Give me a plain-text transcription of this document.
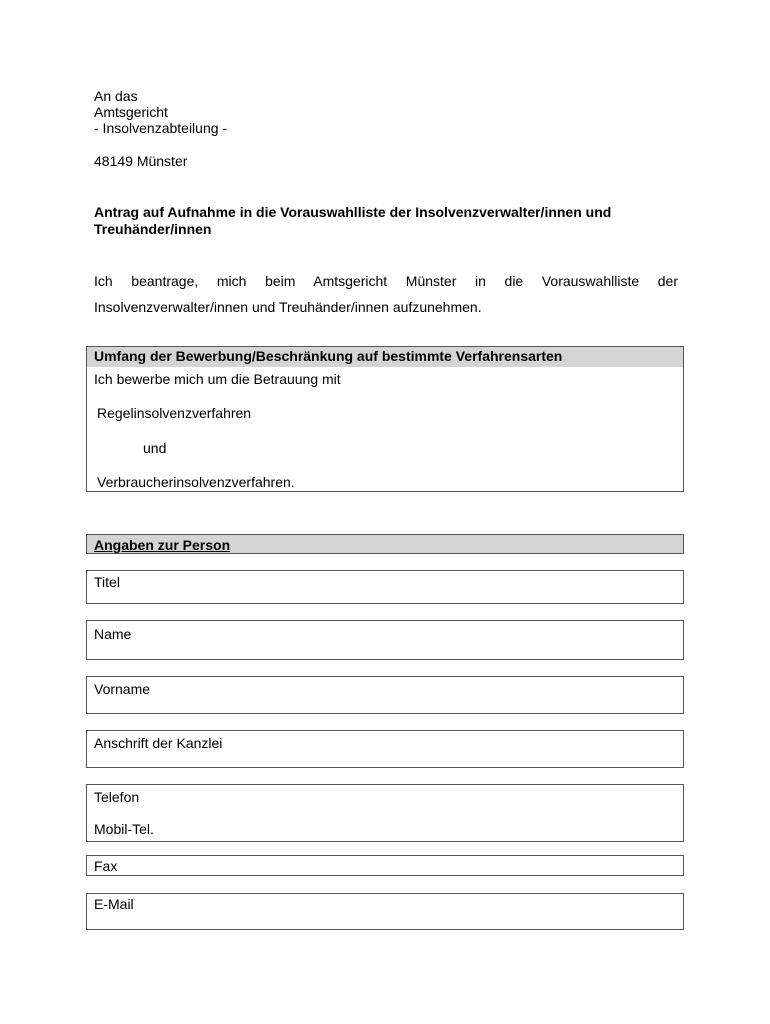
An das
Amtsgericht
- Insolvenzabteilung -
48149 Münster
Antrag auf Aufnahme in die Vorauswahlliste der Insolvenzverwalter/innen und Treuhänder/innen
Ich beantrage, mich beim Amtsgericht Münster in die Vorauswahlliste der Insolvenzverwalter/innen und Treuhänder/innen aufzunehmen.
Umfang der Bewerbung/Beschränkung auf bestimmte Verfahrensarten
Ich bewerbe mich um die Betrauung mit
Regelinsolvenzverfahren
und
Verbraucherinsolvenzverfahren.
Angaben zur Person
Titel
Name
Vorname
Anschrift der Kanzlei
Telefon
Mobil-Tel.
Fax
E-Mail
